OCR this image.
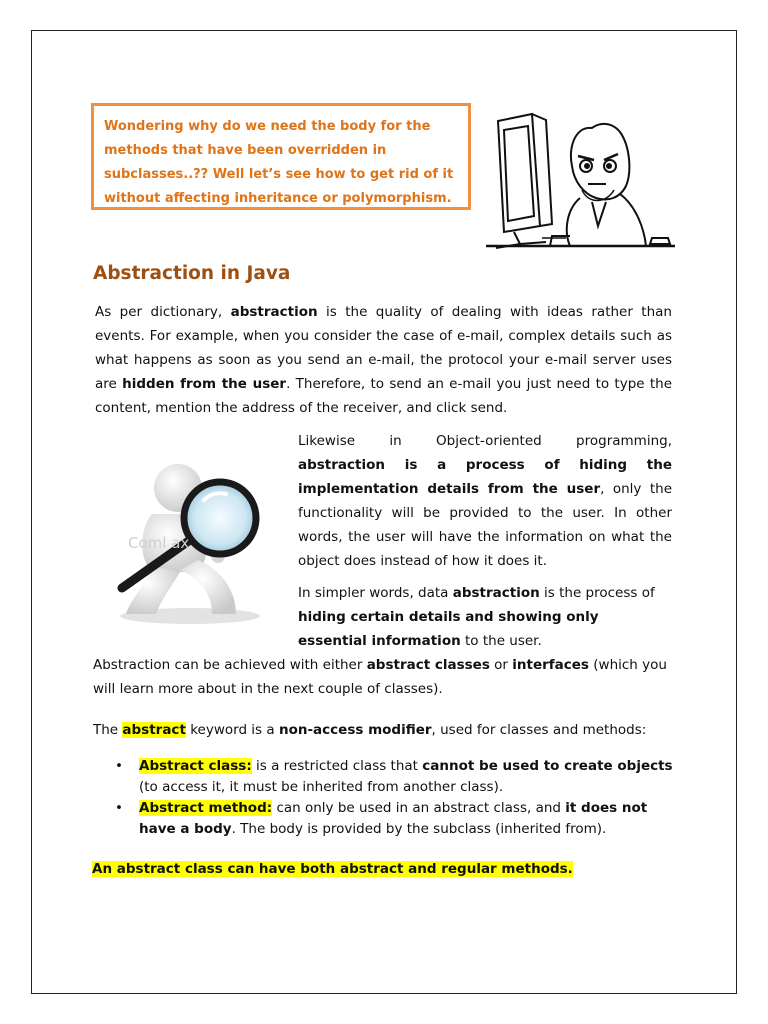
Wondering why do we need the body for the
methods that have been overridden in
subclasses..?? Well let’s see how to get rid of it
without affecting inheritance or polymorphism.
Abstraction in Java

As per dictionary, abstraction is the quality of dealing with ideas rather than events. For example, when you consider the case of e-mail, complex details such as what happens as soon as you send an e-mail, the protocol your e-mail server uses are hidden from the user. Therefore, to send an e-mail you just need to type the content, mention the address of the receiver, and click send.

Coml ax

Likewise in Object-oriented programming, abstraction is a process of hiding the implementation details from the user, only the functionality will be provided to the user. In other words, the user will have the information on what the object does instead of how it does it.

In simpler words, data abstraction is the process of hiding certain details and showing only essential information to the user.

Abstraction can be achieved with either abstract classes or interfaces (which you will learn more about in the next couple of classes).

The abstract keyword is a non-access modifier, used for classes and methods:

• Abstract class: is a restricted class that cannot be used to create objects (to access it, it must be inherited from another class).
• Abstract method: can only be used in an abstract class, and it does not have a body. The body is provided by the subclass (inherited from).

An abstract class can have both abstract and regular methods.
